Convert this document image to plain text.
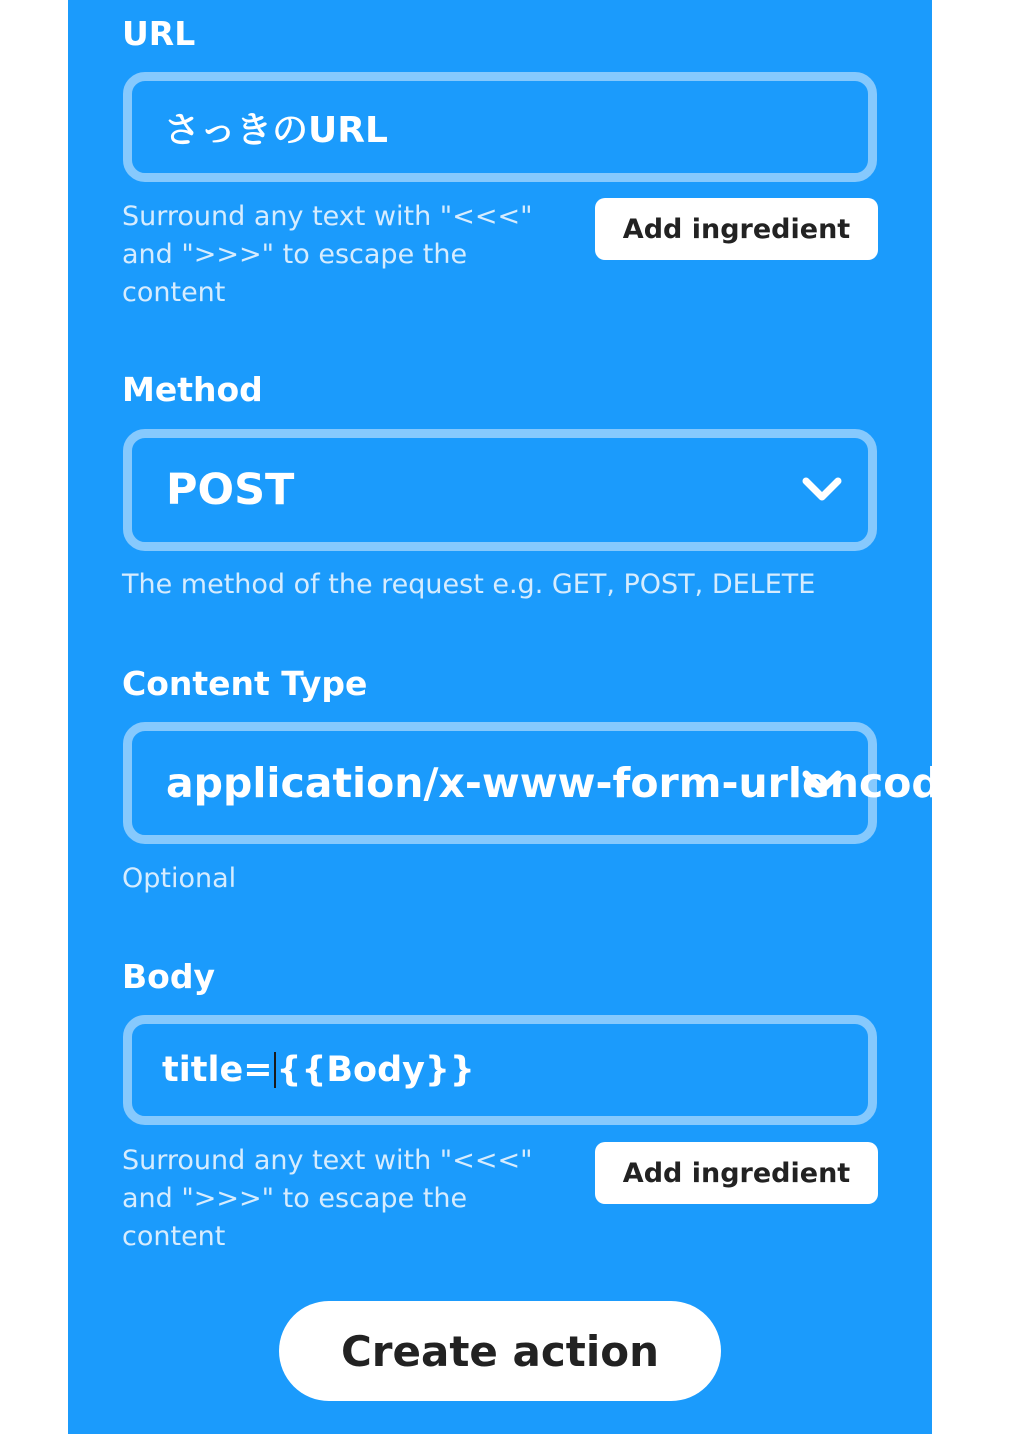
URL
さっきのURL
Surround any text with "<<<"
and ">>>" to escape the
content
Add ingredient
Method
POST
The method of the request e.g. GET, POST, DELETE
Content Type
application/x-www-form-urlencoded
Optional
Body
title= {{Body}}
Surround any text with "<<<"
and ">>>" to escape the
content
Add ingredient
Create action
